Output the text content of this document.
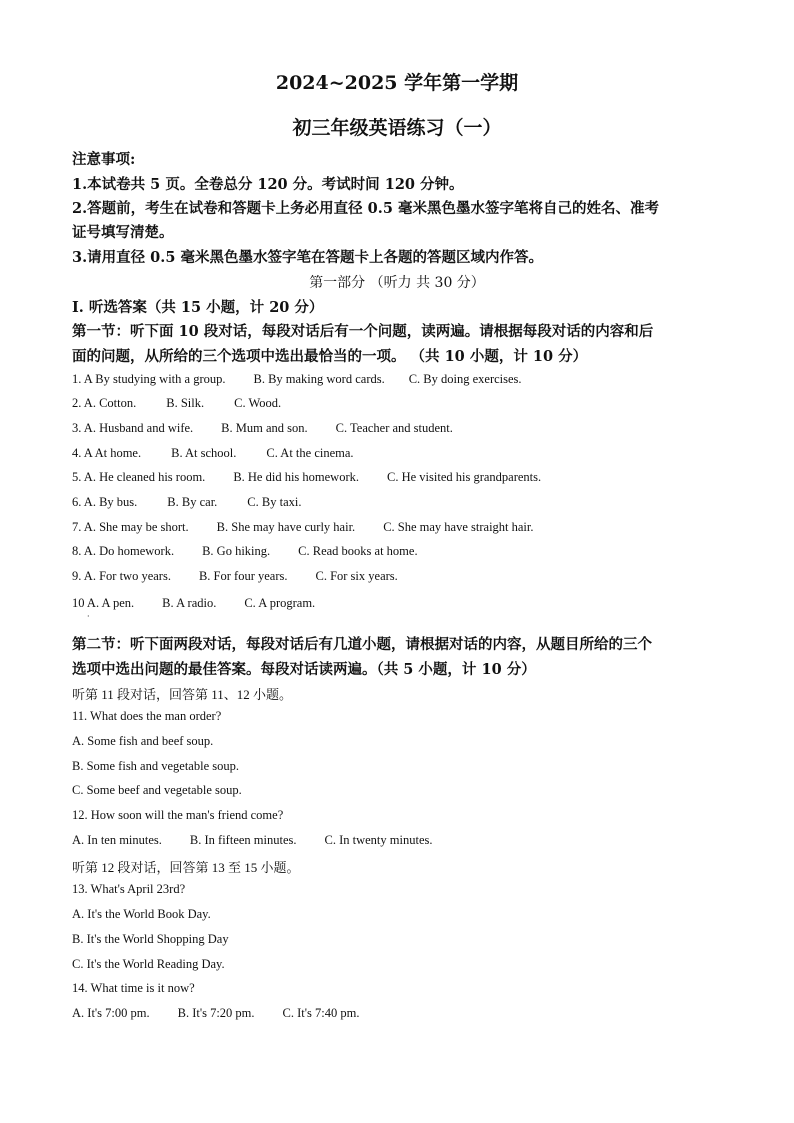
2024~2025 学年第一学期
初三年级英语练习（一）
注意事项:
1.本试卷共 5 页。全卷总分 120 分。考试时间 120 分钟。
2.答题前，考生在试卷和答题卡上务必用直径 0.5 毫米黑色墨水签字笔将自己的姓名、准考
证号填写清楚。
3.请用直径 0.5 毫米黑色墨水签字笔在答题卡上各题的答题区域内作答。
第一部分 （听力 共 30 分）
I. 听选答案（共 15 小题，计 20 分）
第一节：听下面 10 段对话，每段对话后有一个问题，读两遍。请根据每段对话的内容和后
面的问题，从所给的三个选项中选出最恰当的一项。 （共 10 小题，计 10 分）
1. A By studying with a group. B. By making word cards. C. By doing exercises.
2. A. Cotton. B. Silk. C. Wood.
3. A. Husband and wife. B. Mum and son. C. Teacher and student.
4. A At home. B. At school. C. At the cinema.
5. A. He cleaned his room. B. He did his homework. C. He visited his grandparents.
6. A. By bus. B. By car. C. By taxi.
7. A. She may be short. B. She may have curly hair. C. She may have straight hair.
8. A. Do homework. B. Go hiking. C. Read books at home.
9. A. For two years. B. For four years. C. For six years.
10 A. A pen. B. A radio. C. A program.
·
第二节：听下面两段对话，每段对话后有几道小题，请根据对话的内容，从题目所给的三个
选项中选出问题的最佳答案。每段对话读两遍。（共 5 小题，计 10 分）
听第 11 段对话，回答第 11、12 小题。
11. What does the man order?
A. Some fish and beef soup.
B. Some fish and vegetable soup.
C. Some beef and vegetable soup.
12. How soon will the man's friend come?
A. In ten minutes. B. In fifteen minutes. C. In twenty minutes.
听第 12 段对话，回答第 13 至 15 小题。
13. What's April 23rd?
A. It's the World Book Day.
B. It's the World Shopping Day
C. It's the World Reading Day.
14. What time is it now?
A. It's 7:00 pm. B. It's 7:20 pm. C. It's 7:40 pm.
